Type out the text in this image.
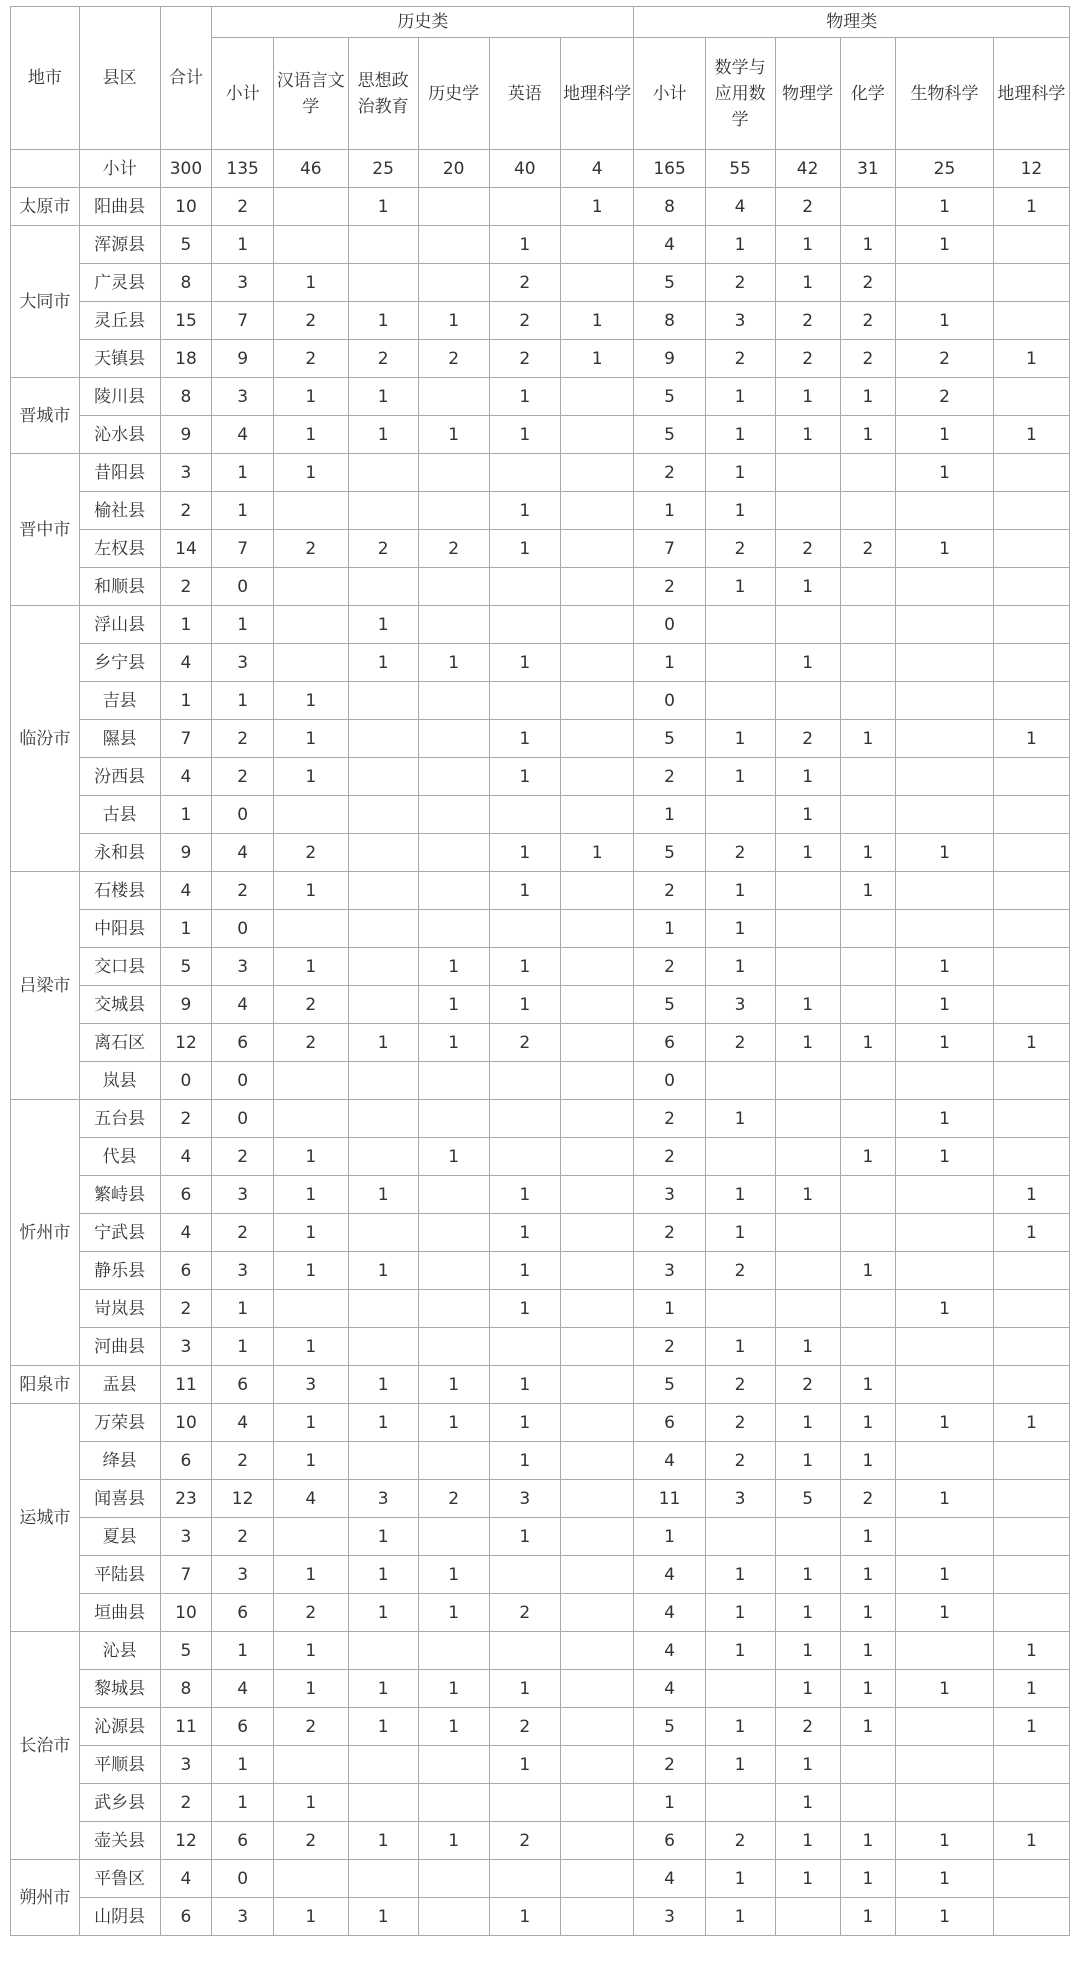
地市	县区	合计	历史类						物理类					
			小计	汉语言文学	思想政治教育	历史学	英语	地理科学	小计	数学与应用数学	物理学	化学	生物科学	地理科学
	小计	300	135	46	25	20	40	4	165	55	42	31	25	12
太原市	阳曲县	10	2		1			1	8	4	2		1	1
大同市	浑源县	5	1				1		4	1	1	1	1	
	广灵县	8	3	1			2		5	2	1	2		
	灵丘县	15	7	2	1	1	2	1	8	3	2	2	1	
	天镇县	18	9	2	2	2	2	1	9	2	2	2	2	1
晋城市	陵川县	8	3	1	1		1		5	1	1	1	2	
	沁水县	9	4	1	1	1	1		5	1	1	1	1	1
晋中市	昔阳县	3	1	1					2	1			1	
	榆社县	2	1				1		1	1				
	左权县	14	7	2	2	2	1		7	2	2	2	1	
	和顺县	2	0						2	1	1			
临汾市	浮山县	1	1		1				0					
	乡宁县	4	3		1	1	1		1		1			
	吉县	1	1	1					0					
	隰县	7	2	1			1		5	1	2	1		1
	汾西县	4	2	1			1		2	1	1			
	古县	1	0						1		1			
	永和县	9	4	2			1	1	5	2	1	1	1	
吕梁市	石楼县	4	2	1			1		2	1		1		
	中阳县	1	0						1	1				
	交口县	5	3	1		1	1		2	1			1	
	交城县	9	4	2		1	1		5	3	1		1	
	离石区	12	6	2	1	1	2		6	2	1	1	1	1
	岚县	0	0						0					
忻州市	五台县	2	0						2	1			1	
	代县	4	2	1		1			2			1	1	
	繁峙县	6	3	1	1		1		3	1	1			1
	宁武县	4	2	1			1		2	1				1
	静乐县	6	3	1	1		1		3	2		1		
	岢岚县	2	1				1		1				1	
	河曲县	3	1	1					2	1	1			
阳泉市	盂县	11	6	3	1	1	1		5	2	2	1		
运城市	万荣县	10	4	1	1	1	1		6	2	1	1	1	1
	绛县	6	2	1			1		4	2	1	1		
	闻喜县	23	12	4	3	2	3		11	3	5	2	1	
	夏县	3	2		1		1		1			1		
	平陆县	7	3	1	1	1			4	1	1	1	1	
	垣曲县	10	6	2	1	1	2		4	1	1	1	1	
长治市	沁县	5	1	1					4	1	1	1		1
	黎城县	8	4	1	1	1	1		4		1	1	1	1
	沁源县	11	6	2	1	1	2		5	1	2	1		1
	平顺县	3	1				1		2	1	1			
	武乡县	2	1	1					1		1			
	壶关县	12	6	2	1	1	2		6	2	1	1	1	1
朔州市	平鲁区	4	0						4	1	1	1	1	
	山阴县	6	3	1	1		1		3	1		1	1	
